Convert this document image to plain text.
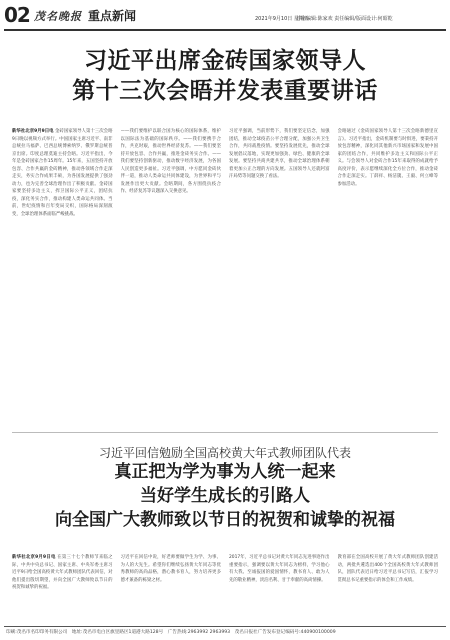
02 茂名晚报 重点新闻	2021年9月10日 星期五
首席编辑:陈家欢 责任编辑/版面设计:何昭乾
习近平出席金砖国家领导人
第十三次会晤并发表重要讲话
新华社北京9月9日电 金砖国家领导人第十三次会晤9日晚以视频方式举行。中国国家主席习近平、南非总统拉马福萨、巴西总统博索纳罗、俄罗斯总统普京出席。印度总理莫迪主持会晤。习近平指出，今年是金砖国家合作15周年。15年来，五国坚持开放包容、合作共赢的金砖精神，推动各领域合作走深走实，务实合作成果丰硕，为各国发展提供了强劲动力，也为完善全球治理作出了积极贡献。金砖国家要坚持多边主义，捍卫国际公平正义，团结抗疫，深化务实合作，推动构建人类命运共同体。当前，世纪疫情和百年变局交织，国际格局深刻演变，全球治理体系面临严峻挑战。
——我们要维护以联合国为核心的国际体系，维护以国际法为基础的国际秩序。——我们要携手合作，共克时艰，推动世界经济复苏。——我们要坚持开放包容、合作共赢，推进金砖务实合作。——我们要坚持创新驱动，推动数字经济发展，为各国人民创造更多福祉。习近平强调，中方愿同金砖伙伴一道，推动人类命运共同体建设，为世界和平与发展作出更大贡献。会晤期间，各方围绕抗疫合作、经济复苏等议题深入交换意见。
习近平强调，当前形势下，我们要坚定信念，加强团结，推动全球疫苗公平合理分配，加强公共卫生合作，共同战胜疫情。要坚持发展优先，推动全球发展倡议落地，实现更加强劲、绿色、健康的全球发展。要坚持共商共建共享，推动全球治理体系朝着更加公正合理的方向发展。五国领导人还就阿富汗局势等问题交换了看法。
会晤通过《金砖国家领导人第十三次会晤新德里宣言》。习近平指出，金砖机制要与时俱进，要秉持开放包容精神，深化同其他新兴市场国家和发展中国家的团结合作，共同维护多边主义和国际公平正义。与会领导人对金砖合作15年来取得的成就给予高度评价，表示愿继续深化全方位合作，推动金砖合作走深走实。丁薛祥、杨洁篪、王毅、何立峰等参加活动。
习近平回信勉励全国高校黄大年式教师团队代表
真正把为学为事为人统一起来
当好学生成长的引路人
向全国广大教师致以节日的祝贺和诚挚的祝福
新华社北京9月9日电 在第三十七个教师节来临之际，中共中央总书记、国家主席、中央军委主席习近平9日给全国高校黄大年式教师团队代表回信，对他们提出殷切期望，并向全国广大教师致以节日的祝贺和诚挚的祝福。
习近平在回信中说，好老师要做学生为学、为事、为人的大先生。希望你们继续弘扬黄大年同志等优秀教师的高尚品格，潜心教书育人，努力培养更多德才兼备的栋梁之材。
2017年，习近平总书记对黄大年同志先进事迹作出重要指示，强调要以黄大年同志为榜样，学习他心有大我、至诚报国的爱国情怀，教书育人、敢为人先的敬业精神，淡泊名利、甘于奉献的高尚情操。
教育部在全国高校开展了黄大年式教师团队创建活动，两批共遴选出400个全国高校黄大年式教师团队，团队代表近日给习近平总书记写信，汇报学习贯彻总书记重要指示的体会和工作成绩。
印刷:茂名市名印印务有限公司　地址:茂名市电白区旗里路区1道港大路128号　广告热线:2963992 2963993　茂名日报社广告发布登记编码号:440900100009
